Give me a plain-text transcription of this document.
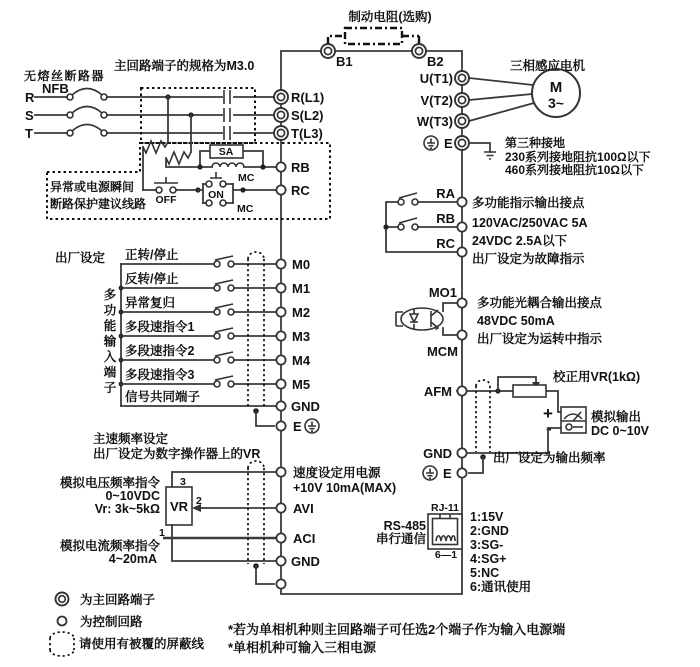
制动电阻(选购)
B1	B2
无熔丝断路器
主回路端子的规格为M3.0
NFB
R
S
T
R(L1)
S(L2)
T(L3)
M
3~
三相感应电机
U(T1)
V(T2)
W(T3)
E	第三种接地
230系列接地阻抗100Ω以下
460系列接地阻抗10Ω以下
OFF	ON
MC
SA
MC
RB
RC
异常或电源瞬间
断路保护建议线路
出厂设定 正转/停止
反转/停止
异常复归
多段速指令1
多段速指令2
多段速指令3
信号共同端子
多功能输入端子
M0
M1
M2
M3
M4
M5
GND
E
主速频率设定
出厂设定为数字操作器上的VR
模拟电压频率指令
0~10VDC
Vr: 3k~5kΩ
模拟电流频率指令
4~20mA
VR
3
2
1
速度设定用电源
+10V 10mA(MAX)
AVI
ACI
GND
RA
RB
RC
多功能指示输出接点
120VAC/250VAC 5A
24VDC 2.5A以下
出厂设定为故障指示
MO1
MCM
多功能光耦合输出接点
48VDC 50mA
出厂设定为运转中指示
校正用VR(1kΩ)
+
-
模拟输出
DC 0~10V
AFM
GND
E
出厂设定为输出频率
RJ-11
6—1
RS-485
串行通信
1:15V
2:GND
3:SG-
4:SG+
5:NC
6:通讯使用
为主回路端子
为控制回路
请使用有被覆的屏蔽线
*若为单相机种则主回路端子可任选2个端子作为输入电源端
*单相机种可输入三相电源
